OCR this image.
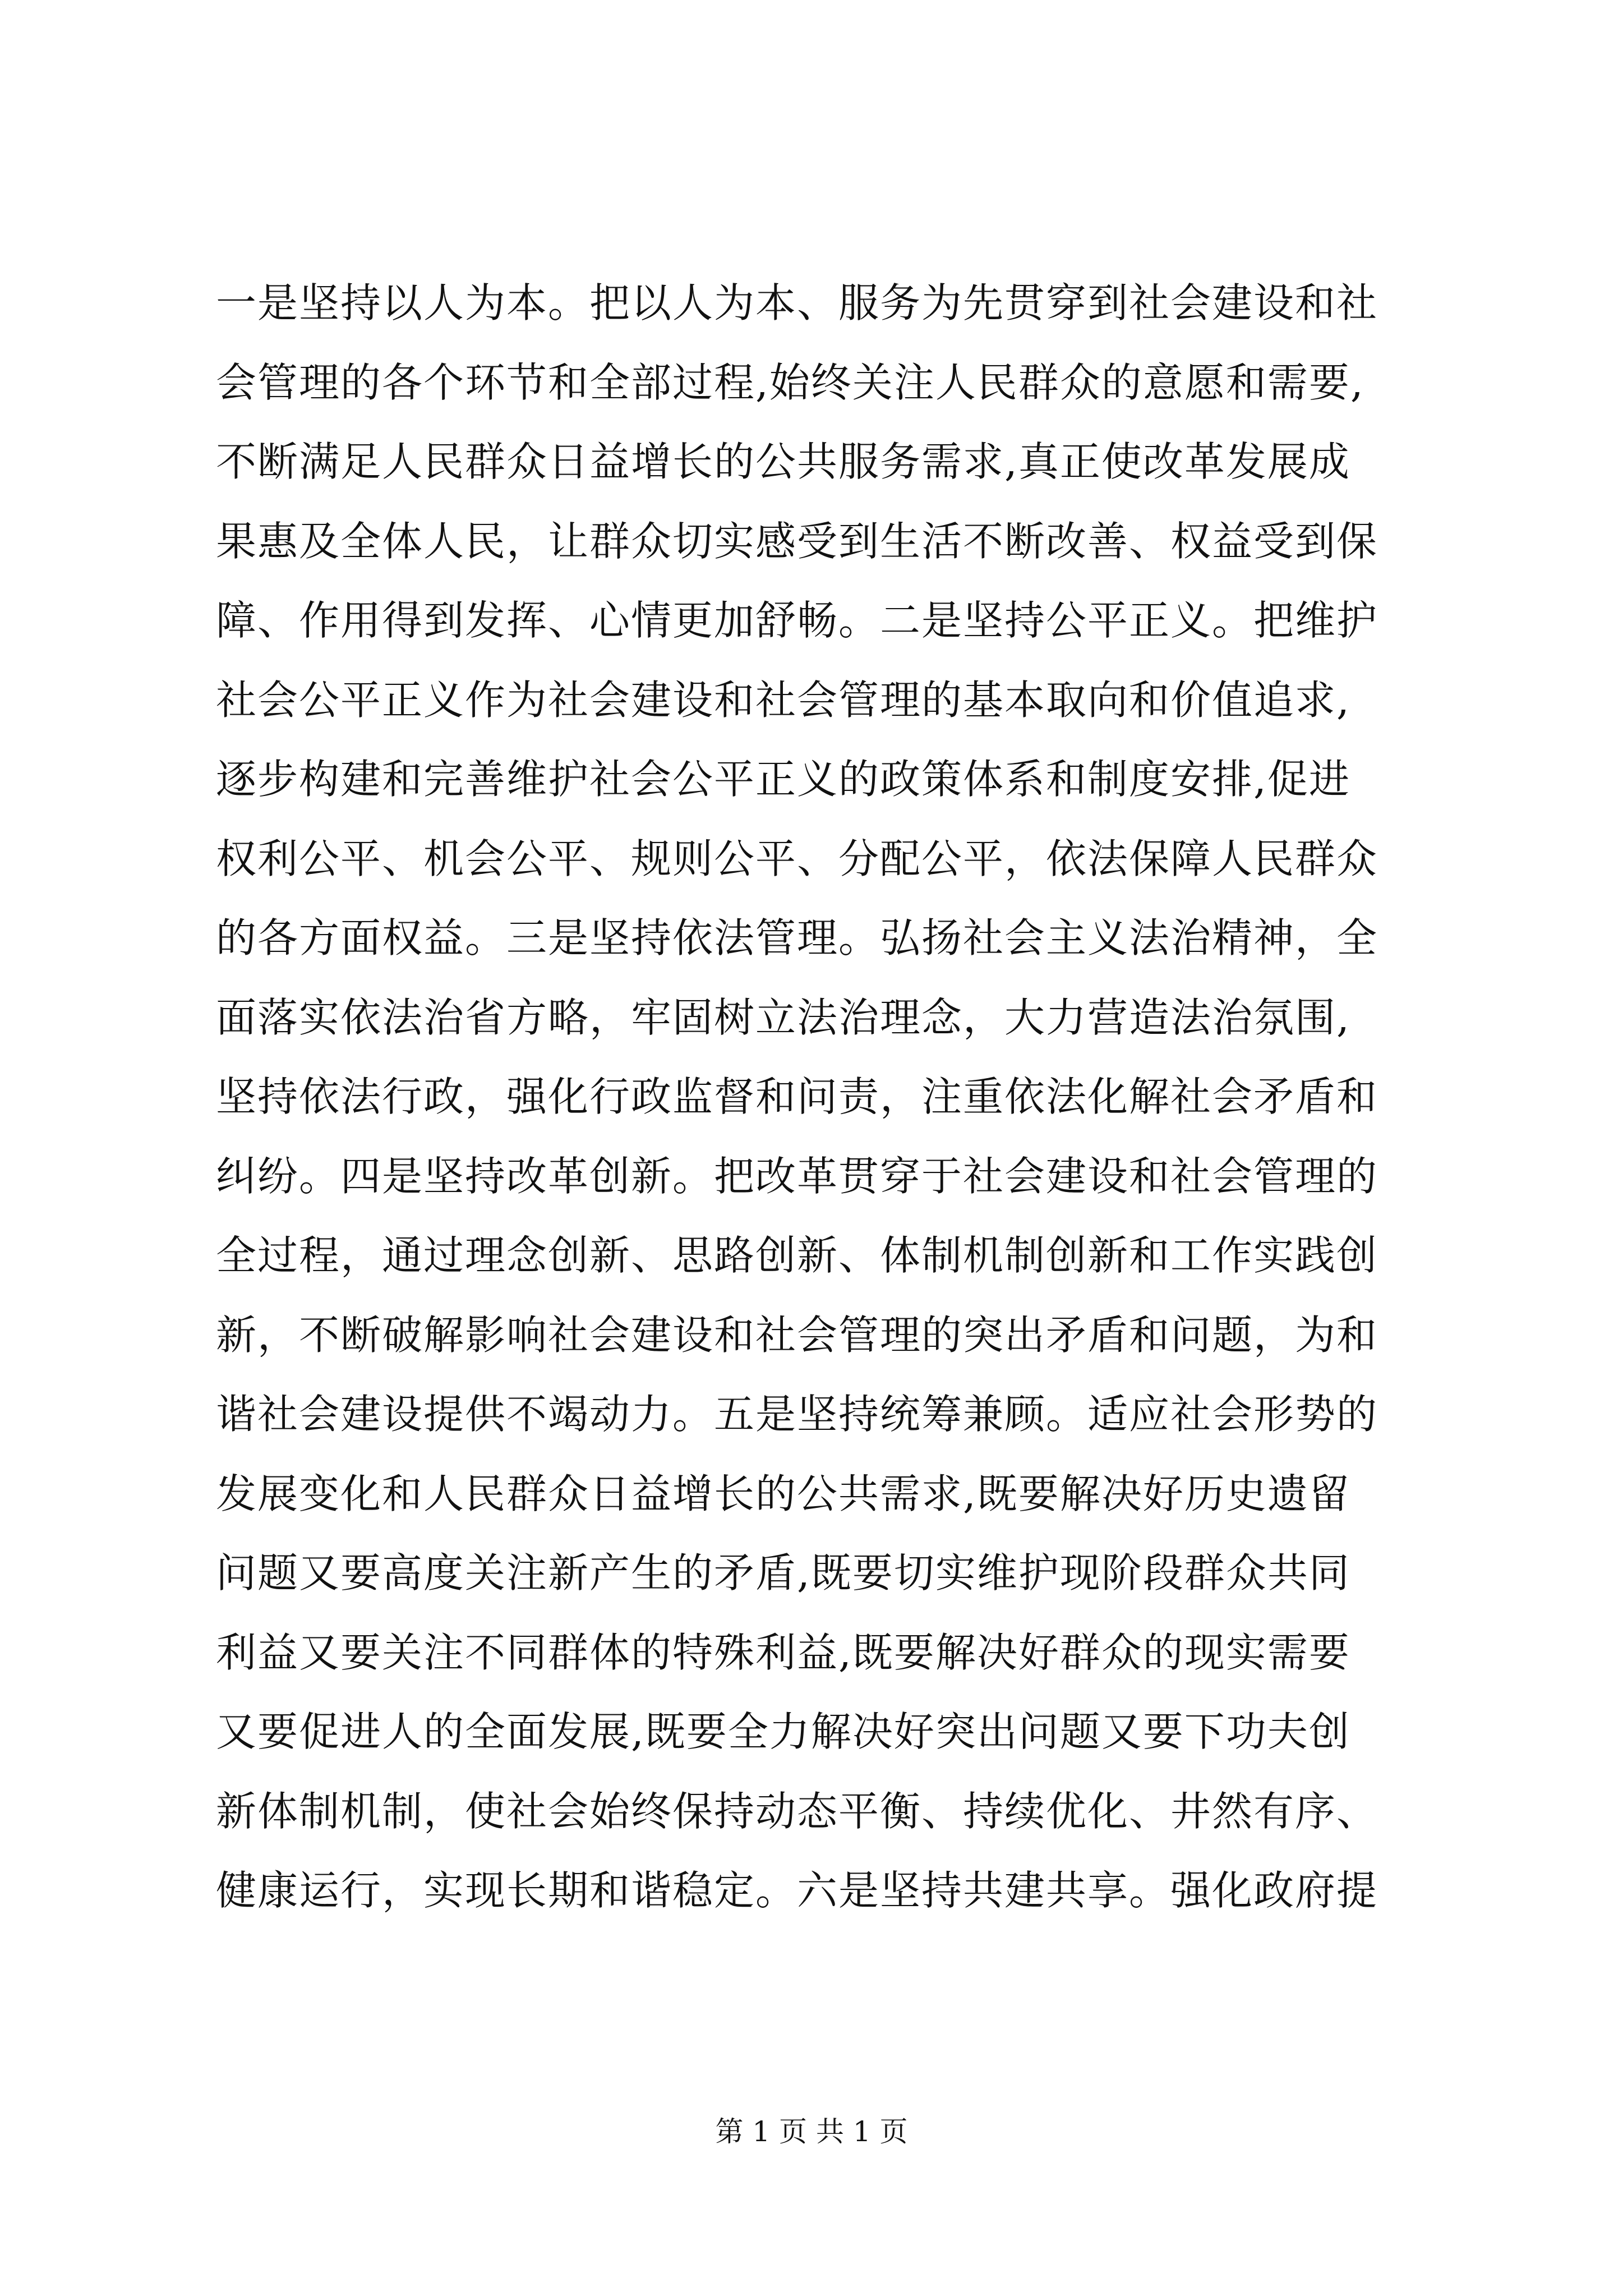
一是坚持以人为本。把以人为本、服务为先贯穿到社会建设和社
会管理的各个环节和全部过程,始终关注人民群众的意愿和需要,
不断满足人民群众日益增长的公共服务需求,真正使改革发展成
果惠及全体人民，让群众切实感受到生活不断改善、权益受到保
障、作用得到发挥、心情更加舒畅。二是坚持公平正义。把维护
社会公平正义作为社会建设和社会管理的基本取向和价值追求,
逐步构建和完善维护社会公平正义的政策体系和制度安排,促进
权利公平、机会公平、规则公平、分配公平，依法保障人民群众
的各方面权益。三是坚持依法管理。弘扬社会主义法治精神，全
面落实依法治省方略，牢固树立法治理念，大力营造法治氛围,
坚持依法行政，强化行政监督和问责，注重依法化解社会矛盾和
纠纷。四是坚持改革创新。把改革贯穿于社会建设和社会管理的
全过程，通过理念创新、思路创新、体制机制创新和工作实践创
新，不断破解影响社会建设和社会管理的突出矛盾和问题，为和
谐社会建设提供不竭动力。五是坚持统筹兼顾。适应社会形势的
发展变化和人民群众日益增长的公共需求,既要解决好历史遗留
问题又要高度关注新产生的矛盾,既要切实维护现阶段群众共同
利益又要关注不同群体的特殊利益,既要解决好群众的现实需要
又要促进人的全面发展,既要全力解决好突出问题又要下功夫创
新体制机制，使社会始终保持动态平衡、持续优化、井然有序、
健康运行，实现长期和谐稳定。六是坚持共建共享。强化政府提
第 1 页 共 1 页
